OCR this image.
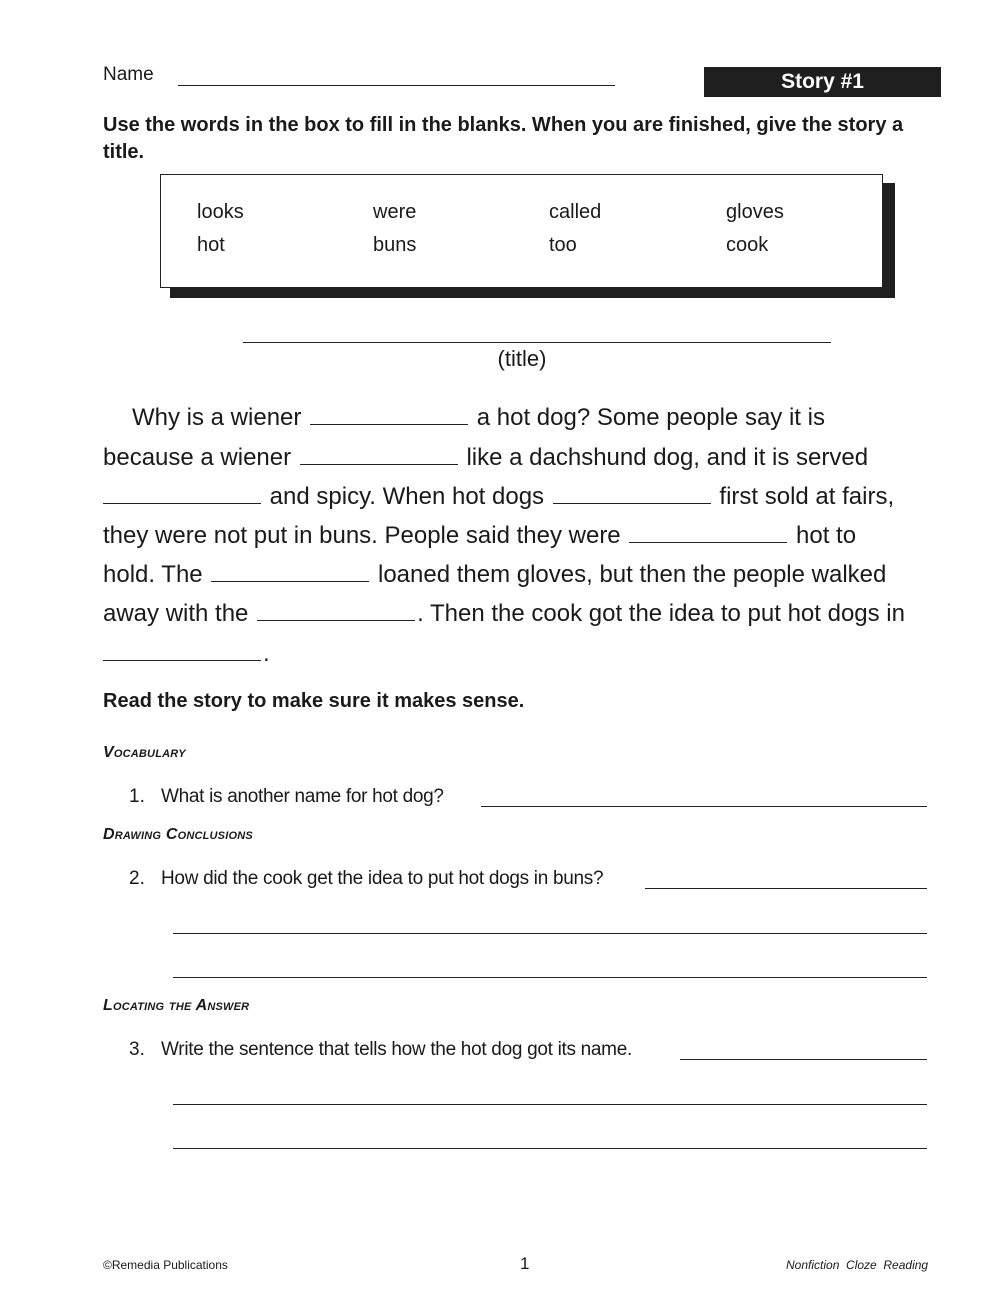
Name	Story #1
Use the words in the box to fill in the blanks. When you are finished, give the story a title.
looks	were	called	gloves
hot	buns	too	cook
(title)
Why is a wiener	a hot dog? Some people say it is
because a wiener	like a dachshund dog, and it is served
and spicy. When hot dogs	first sold at fairs,
they were not put in buns. People said they were	hot to
hold. The	loaned them gloves, but then the people walked
away with the	. Then the cook got the idea to put hot dogs in
.
Read the story to make sure it makes sense.
Vocabulary
1. What is another name for hot dog?
Drawing Conclusions
2. How did the cook get the idea to put hot dogs in buns?
Locating the Answer
3. Write the sentence that tells how the hot dog got its name.
©Remedia Publications	1	Nonfiction  Cloze  Reading
